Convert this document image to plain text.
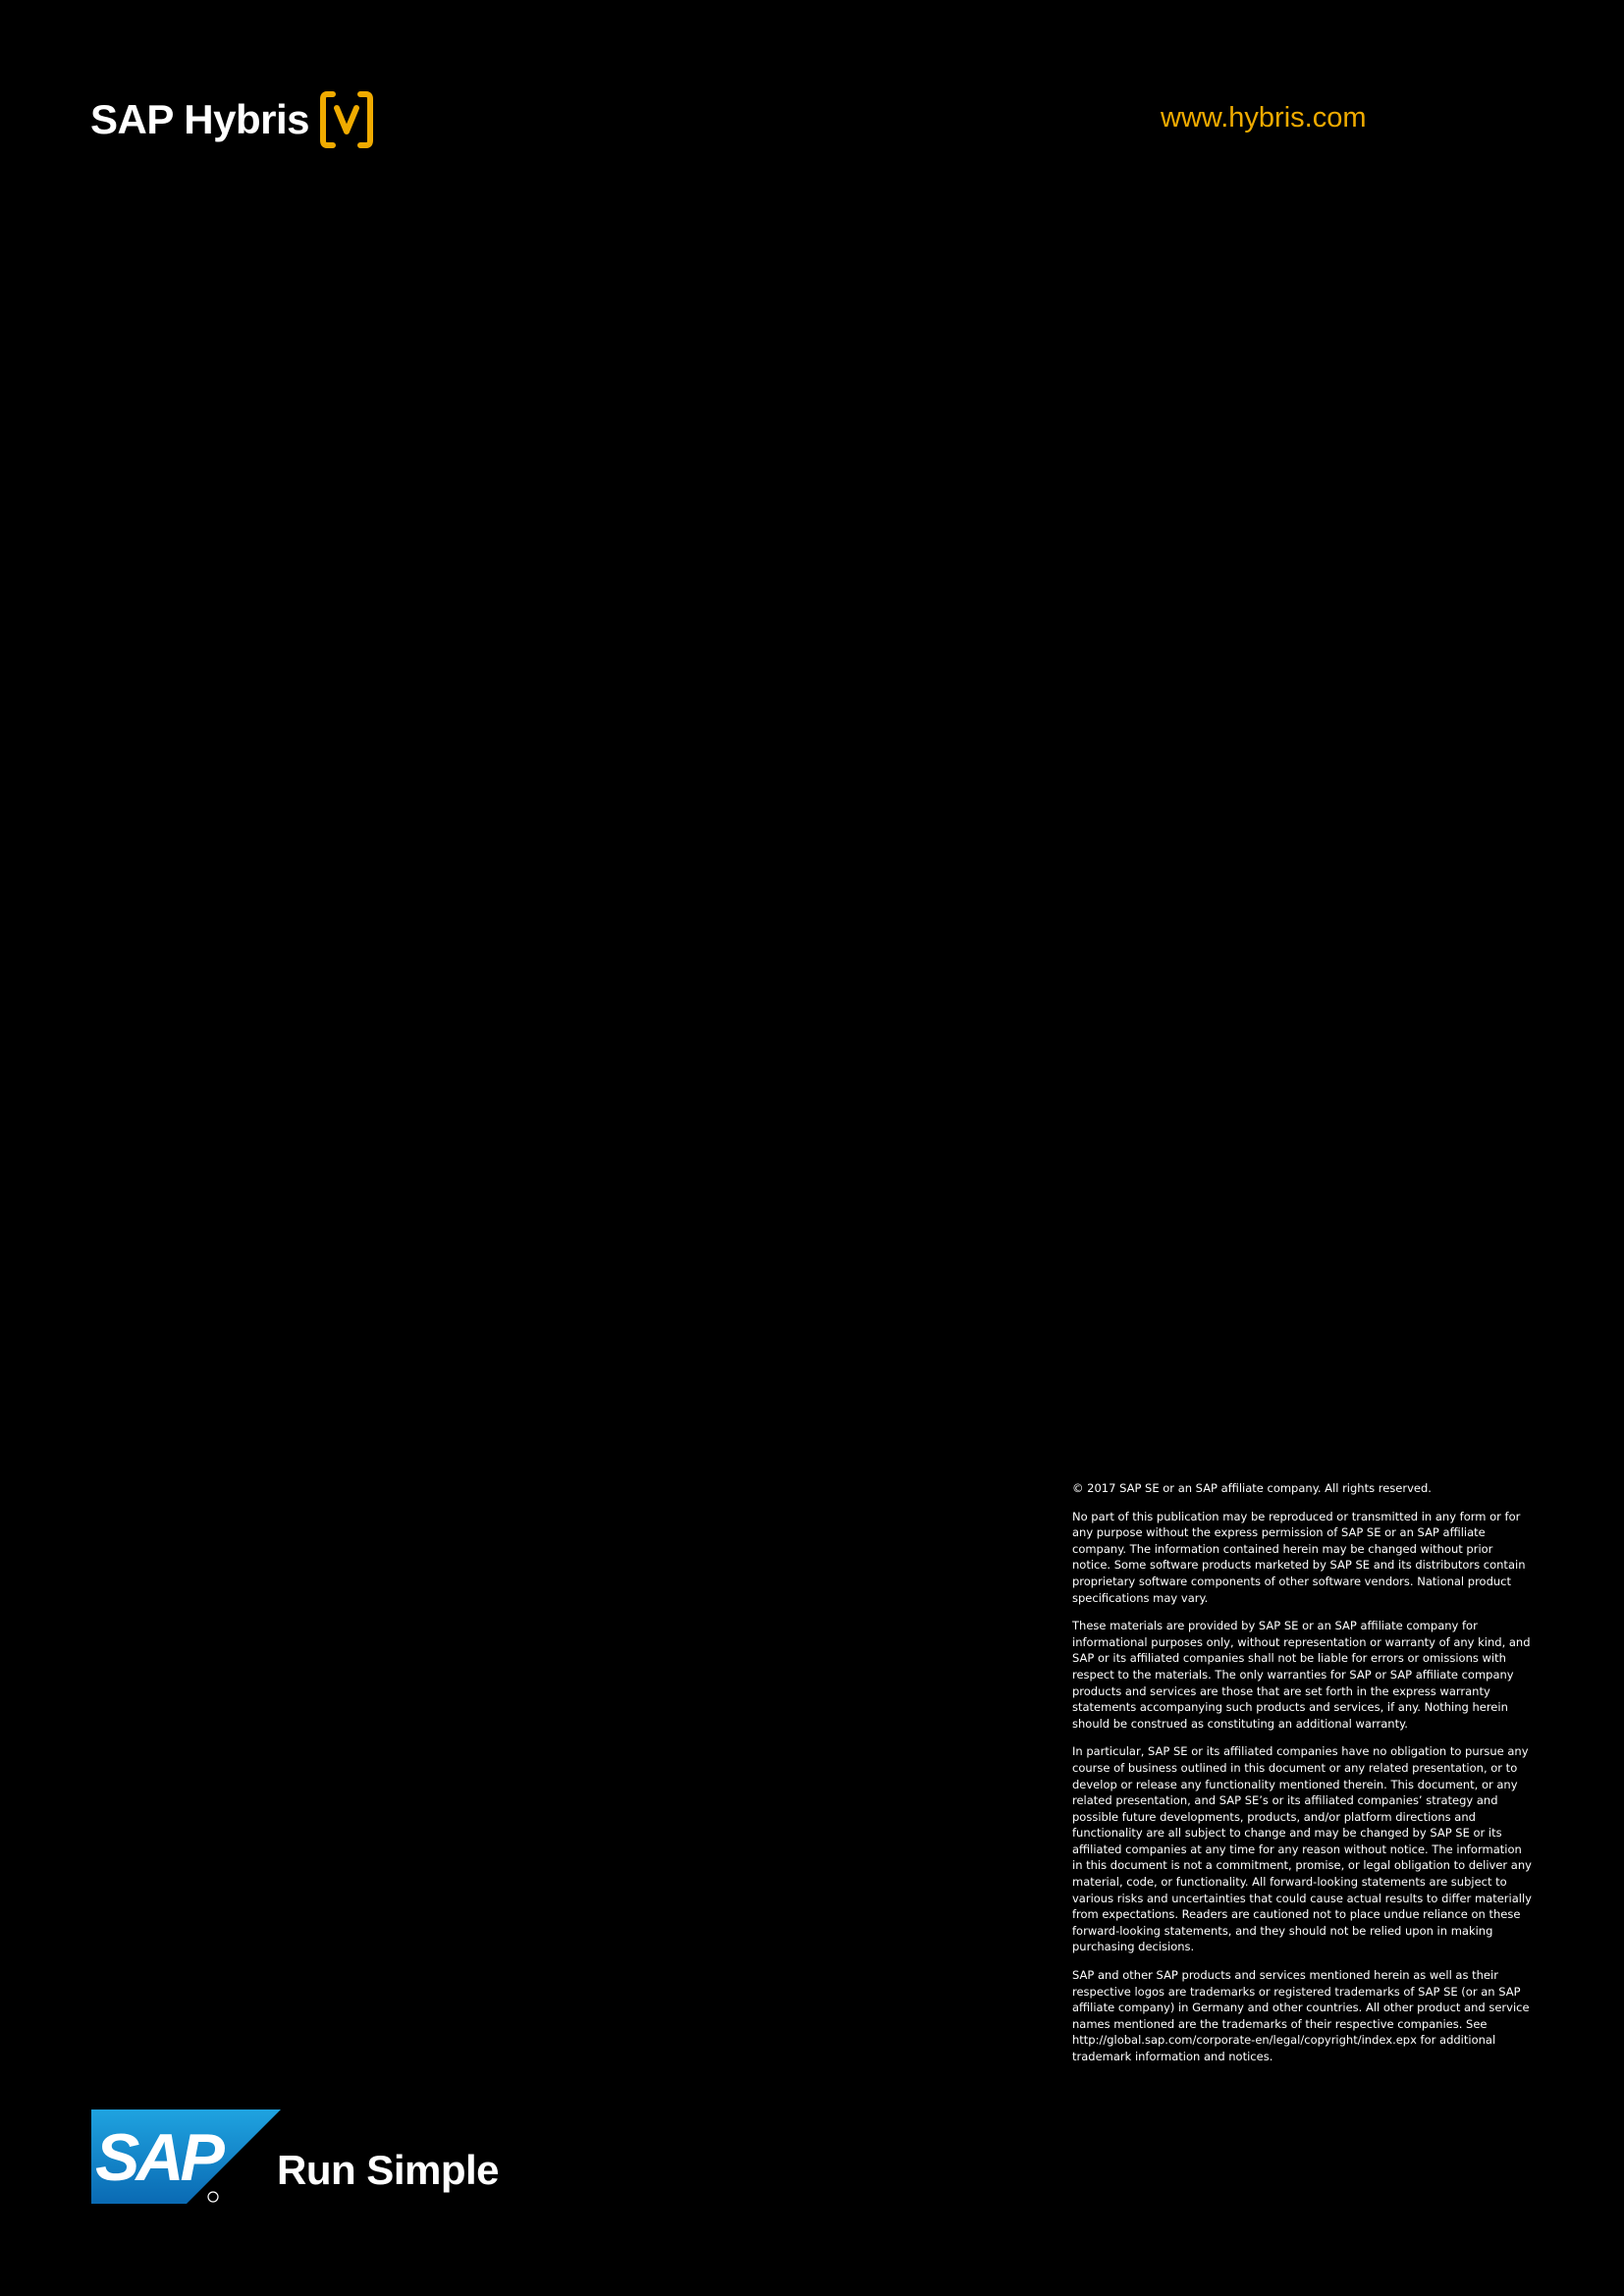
SAP Hybris	www.hybris.com

© 2017 SAP SE or an SAP affiliate company. All rights reserved.

No part of this publication may be reproduced or transmitted in any form or for any purpose without the express permission of SAP SE or an SAP affiliate company. The information contained herein may be changed without prior notice. Some software products marketed by SAP SE and its distributors contain proprietary software components of other software vendors. National product specifications may vary.

These materials are provided by SAP SE or an SAP affiliate company for informational purposes only, without representation or warranty of any kind, and SAP or its affiliated companies shall not be liable for errors or omissions with respect to the materials. The only warranties for SAP or SAP affiliate company products and services are those that are set forth in the express warranty statements accompanying such products and services, if any. Nothing herein should be construed as constituting an additional warranty.

In particular, SAP SE or its affiliated companies have no obligation to pursue any course of business outlined in this document or any related presentation, or to develop or release any functionality mentioned therein. This document, or any related presentation, and SAP SE’s or its affiliated companies’ strategy and possible future developments, products, and/or platform directions and functionality are all subject to change and may be changed by SAP SE or its affiliated companies at any time for any reason without notice. The information in this document is not a commitment, promise, or legal obligation to deliver any material, code, or functionality. All forward-looking statements are subject to various risks and uncertainties that could cause actual results to differ materially from expectations. Readers are cautioned not to place undue reliance on these forward-looking statements, and they should not be relied upon in making purchasing decisions.

SAP and other SAP products and services mentioned herein as well as their respective logos are trademarks or registered trademarks of SAP SE (or an SAP affiliate company) in Germany and other countries. All other product and service names mentioned are the trademarks of their respective companies. See http://global.sap.com/corporate-en/legal/copyright/index.epx for additional trademark information and notices.

SAP Run Simple
